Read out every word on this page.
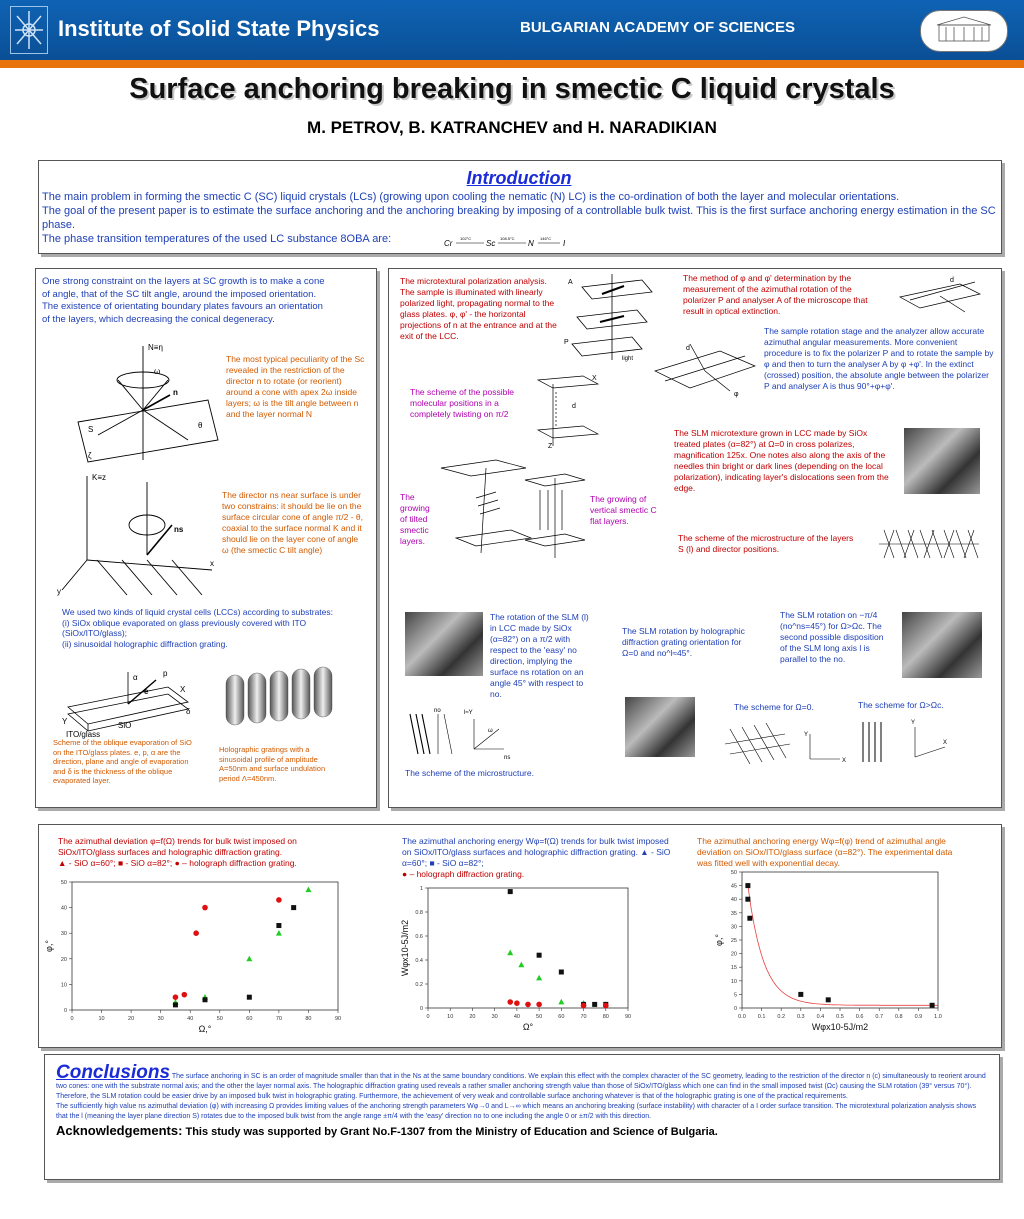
Institute of Solid State Physics	BULGARIAN ACADEMY OF SCIENCES
Surface anchoring breaking in smectic C liquid crystals
M. PETROV, B. KATRANCHEV and H. NARADIKIAN
Introduction
The main problem in forming the smectic C (SC) liquid crystals (LCs) (growing upon cooling the nematic (N) LC) is the co-ordination of both the layer and molecular orientations.
The goal of the present paper is to estimate the surface anchoring and the anchoring breaking by imposing of a controllable bulk twist. This is the first surface anchoring energy estimation in the SC phase.
The phase transition temperatures of the used LC substance 8OBA are:	Cr
102°C
Sc
108.5°C
N
146°C
I
One strong constraint on the layers at SC growth is to make a cone of angle, that of the SC tilt angle, around the imposed orientation. The existence of orientating boundary plates favours an orientation of the layers, which decreasing the conical degeneracy.
N≡η
ω
n
θ
S
ζ
The most typical peculiarity of the Sc revealed in the restriction of the director n to rotate (or reorient) around a cone with apex 2ω inside layers; ω is the tilt angle between n and the layer normal N
K≡z
y
x
ns
The director ns near surface is under two constrains: it should be lie on the surface circular cone of angle π/2 - θ, coaxial to the surface normal K and it should lie on the layer cone of angle ω (the smectic C tilt angle)
We used two kinds of liquid crystal cells (LCCs) according to substrates:
(i) SiOx oblique evaporated on glass previously covered with ITO (SiOx/ITO/glass);
(ii) sinusoidal holographic diffraction grating.
α
e
p
X
δ
Y	SiO
ITO/glass
Scheme of the oblique evaporation of SiO on the ITO/glass plates. e, p, α are the direction, plane and angle of evaporation and δ is the thickness of the oblique evaporated layer.
Holographic gratings with a sinusoidal profile of amplitude A=50nm and surface undulation period Λ=450nm.
The microtextural polarization analysis. The sample is illuminated with linearly polarized light, propagating normal to the glass plates. φ, φ' - the horizontal projections of n at the entrance and at the exit of the LCC.
A
P
light
The method of φ and φ' determination by the measurement of the azimuthal rotation of the polarizer P and analyser A of the microscope that result in optical extinction.
d
The sample rotation stage and the analyzer allow accurate azimuthal angular measurements. More convenient procedure is to fix the polarizer P and to rotate the sample by φ and then to turn the analyser A by φ +φ'. In the extinct (crossed) position, the absolute angle between the polarizer P and analyser A is thus 90°+φ+φ'.
d
φ
The scheme of the possible molecular positions in a completely twisting on π/2
X
d
Z
The growing of tilted smectic layers.
The growing of vertical smectic C flat layers.
The SLM microtexture grown in LCC made by SiOx treated plates (α=82°) at Ω=0 in cross polarizes, magnification 125x. One notes also along the axis of the needles thin bright or dark lines (depending on the local polarization), indicating layer's dislocations seen from the edge.
The scheme of the microstructure of the layers S (l) and director positions.
The rotation of the SLM (l) in LCC made by SiOx (α=82°) on a π/2 with respect to the 'easy' no direction, implying the surface ns rotation on an angle 45° with respect to no.
The SLM rotation by holographic diffraction grating orientation for Ω=0 and no^l≈45°.
The SLM rotation on −π/4 (no^ns=45°) for Ω>Ωc. The second possible disposition of the SLM long axis l is parallel to the no.
no	l≈Y
ω
ns
The scheme of the microstructure.
The scheme for Ω=0.	The scheme for Ω>Ωc.
Y
X
Y
X
The azimuthal deviation φ=f(Ω) trends for bulk twist imposed on SiOx/ITO/glass surfaces and holographic diffraction grating.
▲ - SiO α=60°; ■ - SiO α=82°; ● – holograph diffraction grating.
0	10	20	30	40	50	60	70	80	90
0
10
20
30
40
50
Ω,°
φ,°
The azimuthal anchoring energy Wφ=f(Ω) trends for bulk twist imposed on SiOx/ITO/glass surfaces and holographic diffraction grating. ▲ - SiO α=60°; ■ - SiO α=82°;
● – holograph diffraction grating.
0	10	20	30	40	50	60	70	80	90
0
0.2
0.4
0.6
0.8
1
Ω°
Wφx10-5J/m2
The azimuthal anchoring energy Wφ=f(φ) trend of azimuthal angle deviation on SiOx/ITO/glass surface (α=82°). The experimental data was fitted well with exponential decay.
0.0 0.1 0.2 0.3 0.4 0.5 0.6 0.7 0.8 0.9 1.0
0
5
10
15
20
25
30
35
40
45
50
Wφx10-5J/m2
φ,°
Conclusions The surface anchoring in SC is an order of magnitude smaller than that in the Ns at the same boundary conditions. We explain this effect with the complex character of the SC geometry, leading to the restriction of the director n (c) simultaneously to reorient around two cones: one with the substrate normal axis; and the other the layer normal axis. The holographic diffraction grating used reveals a rather smaller anchoring strength value than those of SiOx/ITO/glass which one can find in the small imposed twist (Ωc) causing the SLM rotation (39° versus 70°). Therefore, the SLM rotation could be easier drive by an imposed bulk twist in holographic grating. Furthermore, the achievement of very weak and controllable surface anchoring whatever is that of the holographic grating is one of the practical requirements.
The sufficiently high value ns azimuthal deviation (φ) with increasing Ω provides limiting values of the anchoring strength parameters Wφ→0 and L→∞ which means an anchoring breaking (surface instability) with character of a I order surface transition. The microtextural polarization analysis shows that the l (meaning the layer plane direction S) rotates due to the imposed bulk twist from the angle range ±π/4 with the 'easy' direction no to one including the angle 0 or ±π/2 with this direction.
Acknowledgements: This study was supported by Grant No.F-1307 from the Ministry of Education and Science of Bulgaria.
